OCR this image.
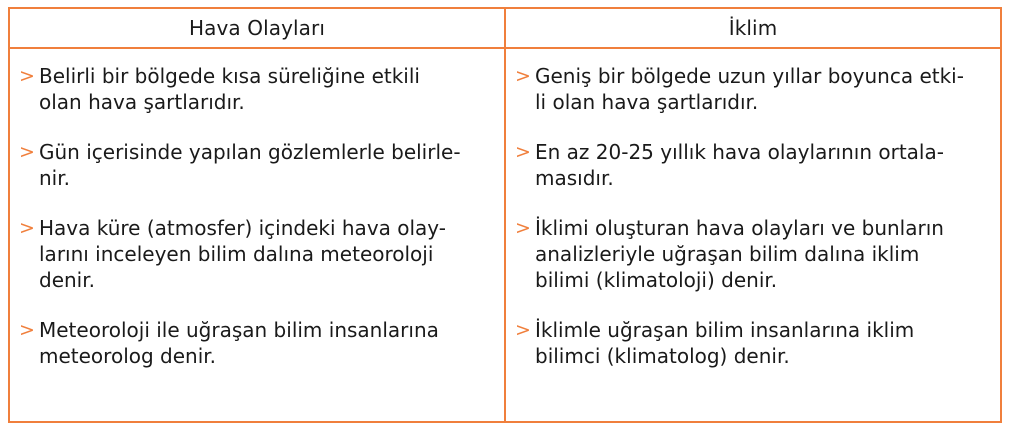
Hava Olayları	İklim
> Belirli bir bölgede kısa süreliğine etkili
olan hava şartlarıdır.
> Gün içerisinde yapılan gözlemlerle belirle-
nir.
> Hava küre (atmosfer) içindeki hava olay-
larını inceleyen bilim dalına meteoroloji
denir.
> Meteoroloji ile uğraşan bilim insanlarına
meteorolog denir.
> Geniş bir bölgede uzun yıllar boyunca etki-
li olan hava şartlarıdır.
> En az 20-25 yıllık hava olaylarının ortala-
masıdır.
> İklimi oluşturan hava olayları ve bunların
analizleriyle uğraşan bilim dalına iklim
bilimi (klimatoloji) denir.
> İklimle uğraşan bilim insanlarına iklim
bilimci (klimatolog) denir.
